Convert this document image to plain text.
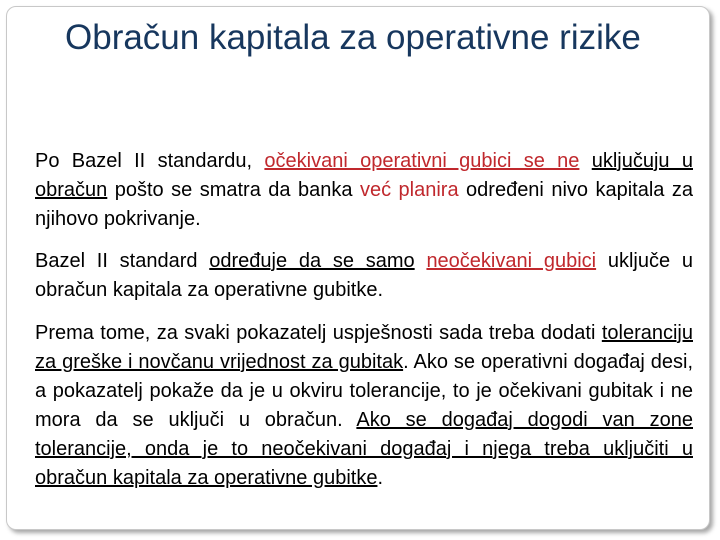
Obračun kapitala za operativne rizike

Po Bazel II standardu, očekivani operativni gubici se ne uključuju u obračun pošto se smatra da banka već planira određeni nivo kapitala za njihovo pokrivanje.

Bazel II standard određuje da se samo neočekivani gubici uključe u obračun kapitala za operativne gubitke.

Prema tome, za svaki pokazatelj uspješnosti sada treba dodati toleranciju za greške i novčanu vrijednost za gubitak. Ako se operativni događaj desi, a pokazatelj pokaže da je u okviru tolerancije, to je očekivani gubitak i ne mora da se uključi u obračun. Ako se događaj dogodi van zone tolerancije, onda je to neočekivani događaj i njega treba uključiti u obračun kapitala za operativne gubitke.
